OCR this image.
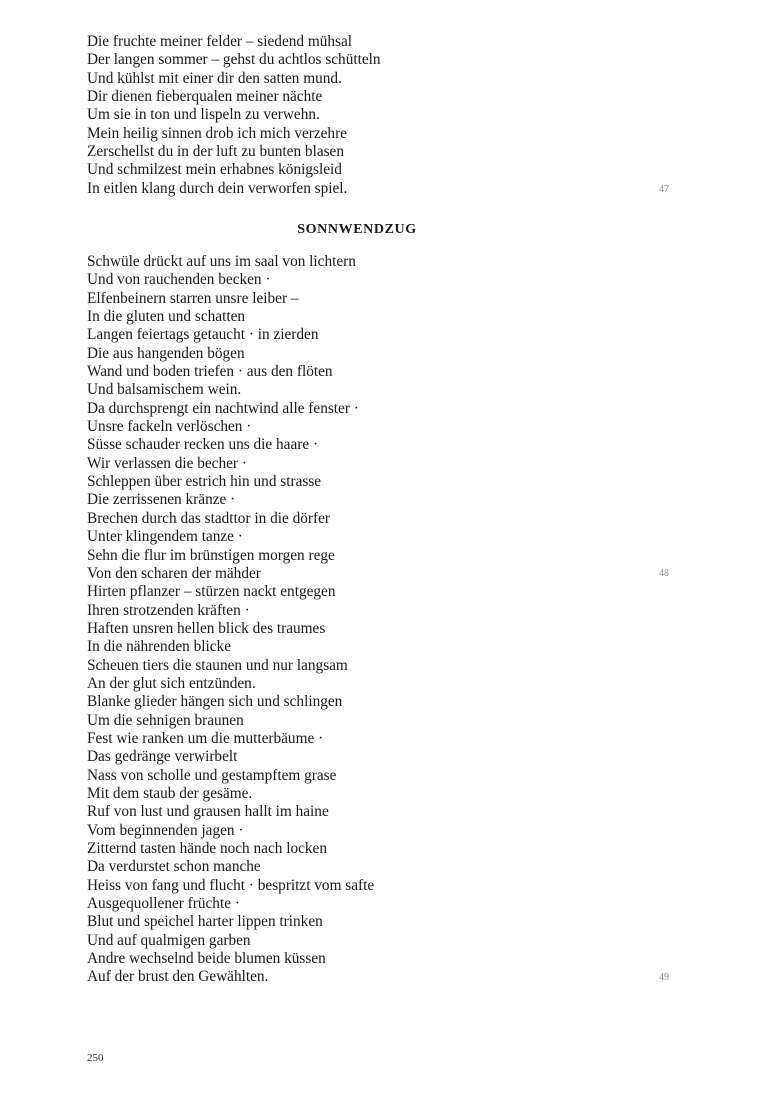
Die fruchte meiner felder – siedend mühsal
Der langen sommer – gehst du achtlos schütteln
Und kühlst mit einer dir den satten mund.
Dir dienen fieberqualen meiner nächte
Um sie in ton und lispeln zu verwehn.
Mein heilig sinnen drob ich mich verzehre
Zerschellst du in der luft zu bunten blasen
Und schmilzest mein erhabnes königsleid
In eitlen klang durch dein verworfen spiel.	47
SONNWENDZUG
Schwüle drückt auf uns im saal von lichtern
Und von rauchenden becken ·
Elfenbeinern starren unsre leiber –
In die gluten und schatten
Langen feiertags getaucht · in zierden
Die aus hangenden bögen
Wand und boden triefen · aus den flöten
Und balsamischem wein.
Da durchsprengt ein nachtwind alle fenster ·
Unsre fackeln verlöschen ·
Süsse schauder recken uns die haare ·
Wir verlassen die becher ·
Schleppen über estrich hin und strasse
Die zerrissenen kränze ·
Brechen durch das stadttor in die dörfer
Unter klingendem tanze ·
Sehn die flur im brünstigen morgen rege
Von den scharen der mähder
Hirten pflanzer – stürzen nackt entgegen
Ihren strotzenden kräften ·
Haften unsren hellen blick des traumes
In die nährenden blicke
Scheuen tiers die staunen und nur langsam
An der glut sich entzünden.
Blanke glieder hängen sich und schlingen
Um die sehnigen braunen
Fest wie ranken um die mutterbäume ·
Das gedränge verwirbelt
Nass von scholle und gestampftem grase
Mit dem staub der gesäme.
Ruf von lust und grausen hallt im haine
Vom beginnenden jagen ·
Zitternd tasten hände noch nach locken
Da verdurstet schon manche
Heiss von fang und flucht · bespritzt vom safte
Ausgequollener früchte ·
Blut und speichel harter lippen trinken
Und auf qualmigen garben
Andre wechselnd beide blumen küssen
Auf der brust den Gewählten.
48
49
250
